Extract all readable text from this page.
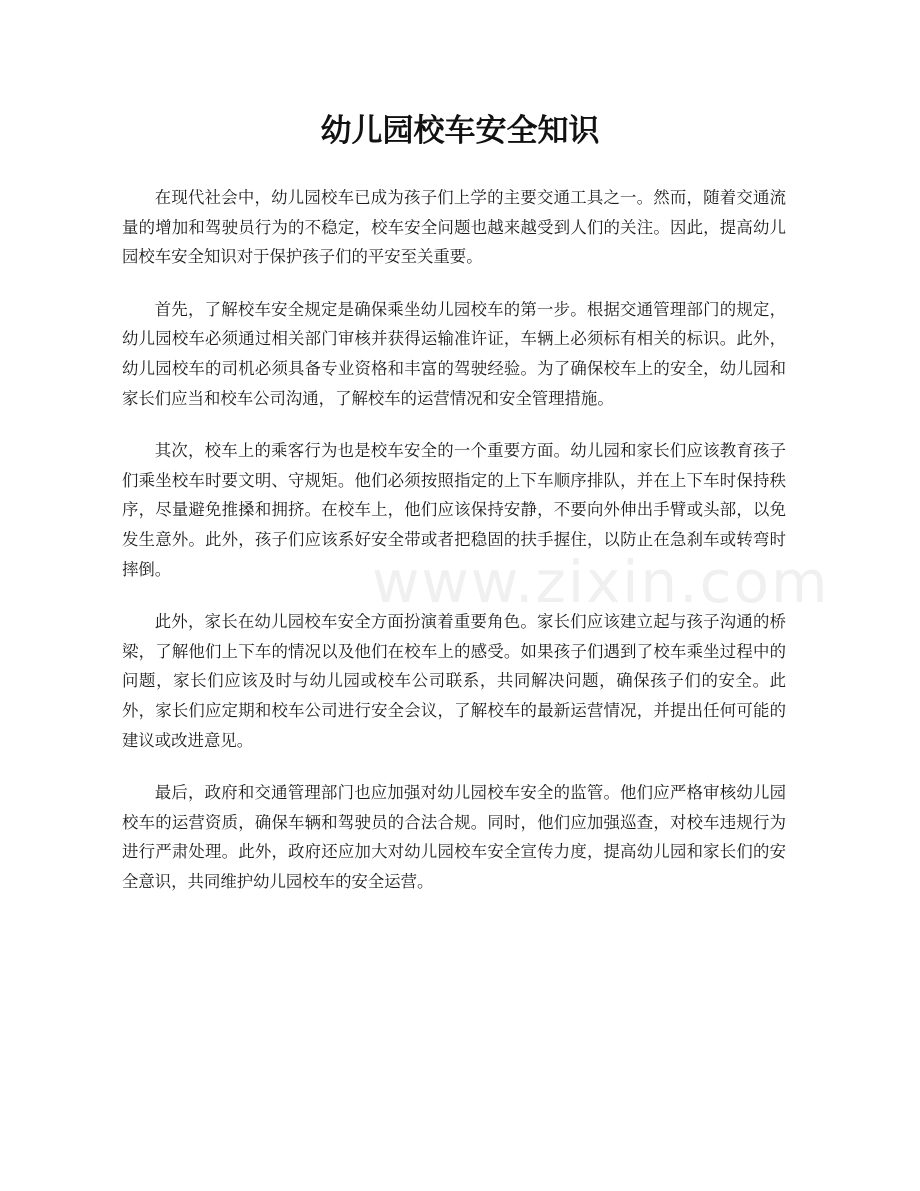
幼儿园校车安全知识

在现代社会中，幼儿园校车已成为孩子们上学的主要交通工具之一。然而，随着交通流量的增加和驾驶员行为的不稳定，校车安全问题也越来越受到人们的关注。因此，提高幼儿园校车安全知识对于保护孩子们的平安至关重要。

首先，了解校车安全规定是确保乘坐幼儿园校车的第一步。根据交通管理部门的规定，幼儿园校车必须通过相关部门审核并获得运输准许证，车辆上必须标有相关的标识。此外，幼儿园校车的司机必须具备专业资格和丰富的驾驶经验。为了确保校车上的安全，幼儿园和家长们应当和校车公司沟通，了解校车的运营情况和安全管理措施。

其次，校车上的乘客行为也是校车安全的一个重要方面。幼儿园和家长们应该教育孩子们乘坐校车时要文明、守规矩。他们必须按照指定的上下车顺序排队，并在上下车时保持秩序，尽量避免推搡和拥挤。在校车上，他们应该保持安静，不要向外伸出手臂或头部，以免发生意外。此外，孩子们应该系好安全带或者把稳固的扶手握住，以防止在急刹车或转弯时摔倒。

此外，家长在幼儿园校车安全方面扮演着重要角色。家长们应该建立起与孩子沟通的桥梁，了解他们上下车的情况以及他们在校车上的感受。如果孩子们遇到了校车乘坐过程中的问题，家长们应该及时与幼儿园或校车公司联系，共同解决问题，确保孩子们的安全。此外，家长们应定期和校车公司进行安全会议，了解校车的最新运营情况，并提出任何可能的建议或改进意见。

最后，政府和交通管理部门也应加强对幼儿园校车安全的监管。他们应严格审核幼儿园校车的运营资质，确保车辆和驾驶员的合法合规。同时，他们应加强巡查，对校车违规行为进行严肃处理。此外，政府还应加大对幼儿园校车安全宣传力度，提高幼儿园和家长们的安全意识，共同维护幼儿园校车的安全运营。

www.zixin.com
